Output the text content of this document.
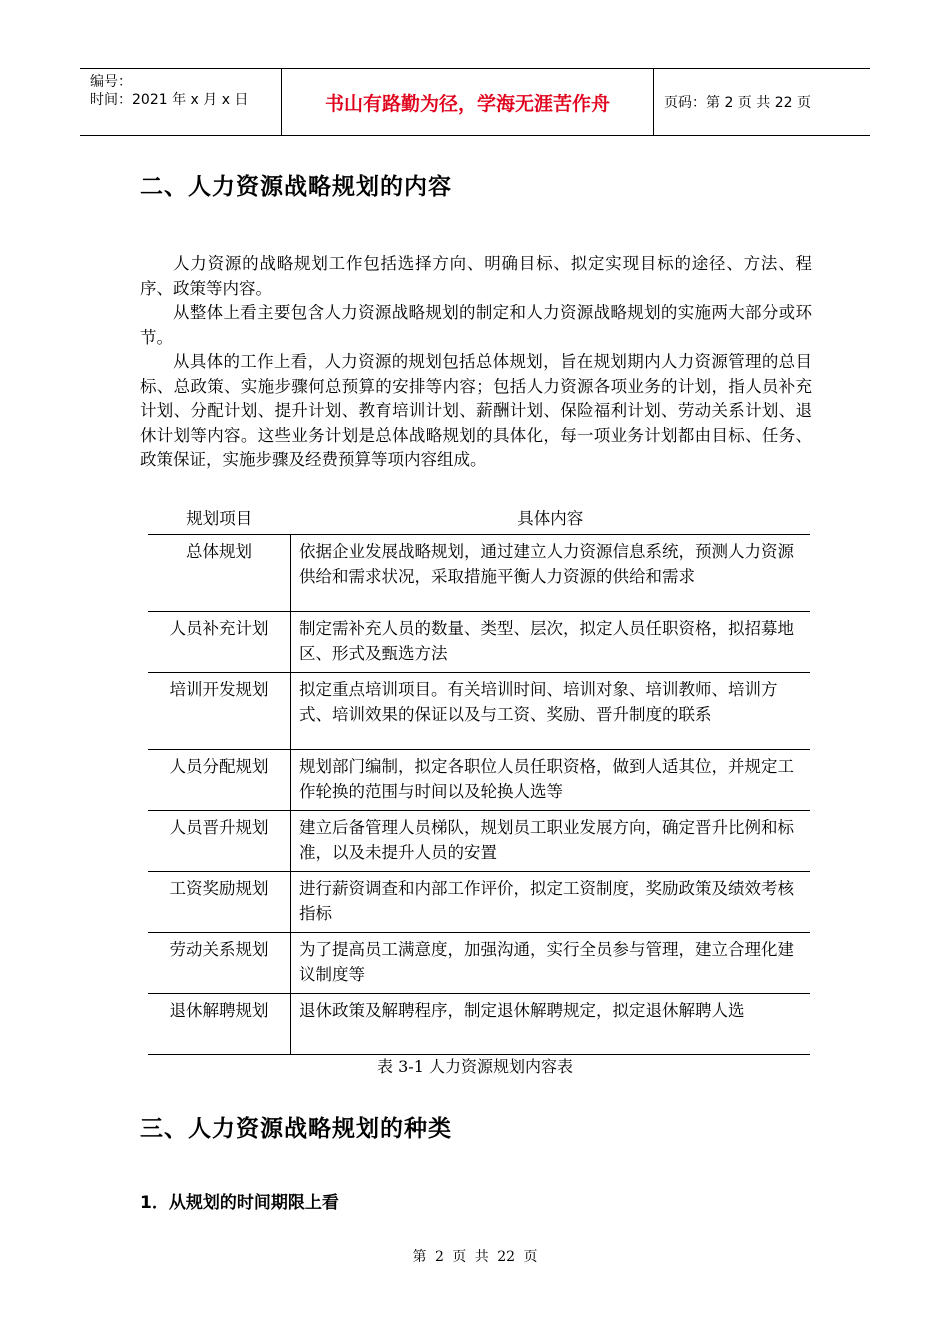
编号：
时间：2021 年 x 月 x 日	书山有路勤为径，学海无涯苦作舟	页码：第 2 页 共 22 页
二、人力资源战略规划的内容

人力资源的战略规划工作包括选择方向、明确目标、拟定实现目标的途径、方法、程序、政策等内容。

从整体上看主要包含人力资源战略规划的制定和人力资源战略规划的实施两大部分或环节。

从具体的工作上看，人力资源的规划包括总体规划，旨在规划期内人力资源管理的总目标、总政策、实施步骤何总预算的安排等内容；包括人力资源各项业务的计划，指人员补充计划、分配计划、提升计划、教育培训计划、薪酬计划、保险福利计划、劳动关系计划、退休计划等内容。这些业务计划是总体战略规划的具体化，每一项业务计划都由目标、任务、政策保证，实施步骤及经费预算等项内容组成。

规划项目	具体内容
总体规划	依据企业发展战略规划，通过建立人力资源信息系统，预测人力资源供给和需求状况，采取措施平衡人力资源的供给和需求
人员补充计划	制定需补充人员的数量、类型、层次，拟定人员任职资格，拟招募地区、形式及甄选方法
培训开发规划	拟定重点培训项目。有关培训时间、培训对象、培训教师、培训方式、培训效果的保证以及与工资、奖励、晋升制度的联系
人员分配规划	规划部门编制，拟定各职位人员任职资格，做到人适其位，并规定工作轮换的范围与时间以及轮换人选等
人员晋升规划	建立后备管理人员梯队，规划员工职业发展方向，确定晋升比例和标准，以及未提升人员的安置
工资奖励规划	进行薪资调查和内部工作评价，拟定工资制度，奖励政策及绩效考核指标
劳动关系规划	为了提高员工满意度，加强沟通，实行全员参与管理，建立合理化建议制度等
退休解聘规划	退休政策及解聘程序，制定退休解聘规定，拟定退休解聘人选
表 3-1 人力资源规划内容表
三、人力资源战略规划的种类
1．从规划的时间期限上看
第 2 页 共 22 页
